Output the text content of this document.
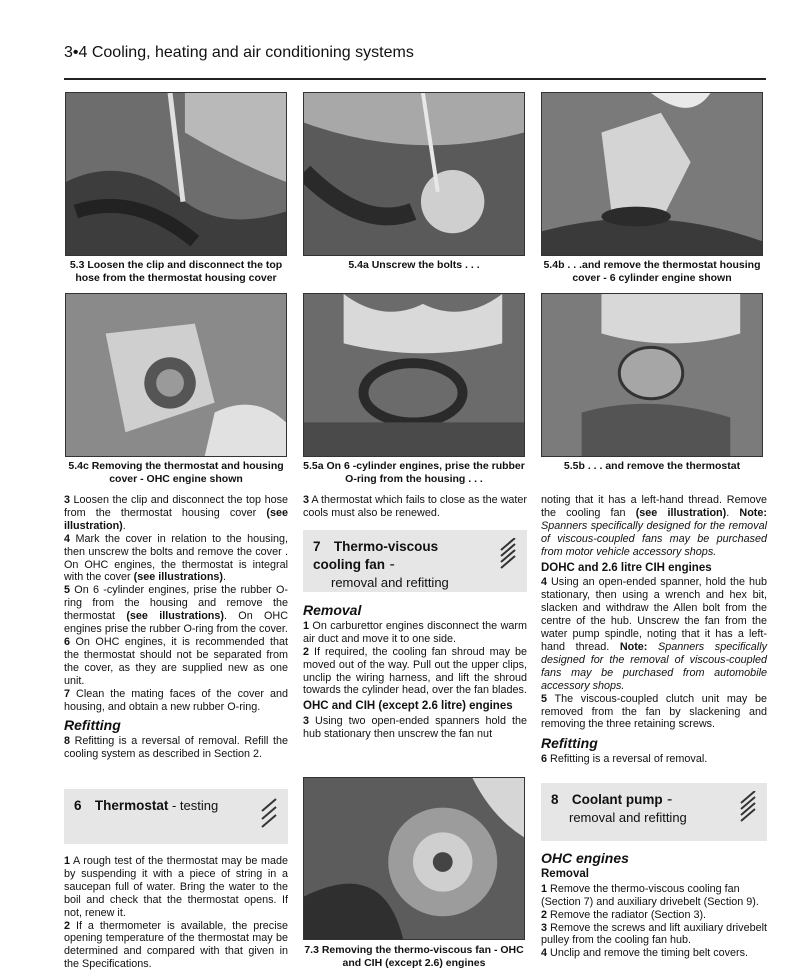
3•4 Cooling, heating and air conditioning systems
5.3 Loosen the clip and disconnect the top hose from the thermostat housing cover
5.4a Unscrew the bolts . . .	5.4b . . .and remove the thermostat housing cover - 6 cylinder engine shown
5.4c Removing the thermostat and housing cover - OHC engine shown
5.5a On 6 -cylinder engines, prise the rubber O-ring from the housing . . .
5.5b . . . and remove the thermostat

3 Loosen the clip and disconnect the top hose from the thermostat housing cover (see illustration).

4 Mark the cover in relation to the housing, then unscrew the bolts and remove the cover . On OHC engines, the thermostat is integral with the cover (see illustrations).

5 On 6 -cylinder engines, prise the rubber O-ring from the housing and remove the thermostat (see illustrations). On OHC engines prise the rubber O-ring from the cover.

6 On OHC engines, it is recommended that the thermostat should not be separated from the cover, as they are supplied new as one unit.

7 Clean the mating faces of the cover and housing, and obtain a new rubber O-ring.

Refitting

8 Refitting is a reversal of removal. Refill the cooling system as described in Section 2.

6 Thermostat - testing

1 A rough test of the thermostat may be made by suspending it with a piece of string in a saucepan full of water. Bring the water to the boil and check that the thermostat opens. If not, renew it.

2 If a thermometer is available, the precise opening temperature of the thermostat may be determined and compared with that given in the Specifications.

3 A thermostat which fails to close as the water cools must also be renewed.

7 Thermo-viscous cooling fan -
removal and refitting
Removal

1 On carburettor engines disconnect the warm air duct and move it to one side.

2 If required, the cooling fan shroud may be moved out of the way. Pull out the upper clips, unclip the wiring harness, and lift the shroud towards the cylinder head, over the fan blades.

OHC and CIH (except 2.6 litre) engines

3 Using two open-ended spanners hold the hub stationary then unscrew the fan nut

7.3 Removing the thermo-viscous fan - OHC and CIH (except 2.6) engines

noting that it has a left-hand thread. Remove the cooling fan (see illustration). Note: Spanners specifically designed for the removal of viscous-coupled fans may be purchased from motor vehicle accessory shops.

DOHC and 2.6 litre CIH engines

4 Using an open-ended spanner, hold the hub stationary, then using a wrench and hex bit, slacken and withdraw the Allen bolt from the centre of the hub. Unscrew the fan from the water pump spindle, noting that it has a left-hand thread. Note: Spanners specifically designed for the removal of viscous-coupled fans may be purchased from automobile accessory shops.

5 The viscous-coupled clutch unit may be removed from the fan by slackening and removing the three retaining screws.

Refitting

6 Refitting is a reversal of removal.

8 Coolant pump -
removal and refitting
OHC engines
Removal

1 Remove the thermo-viscous cooling fan (Section 7) and auxiliary drivebelt (Section 9).

2 Remove the radiator (Section 3).

3 Remove the screws and lift auxiliary drivebelt pulley from the cooling fan hub.

4 Unclip and remove the timing belt covers.
